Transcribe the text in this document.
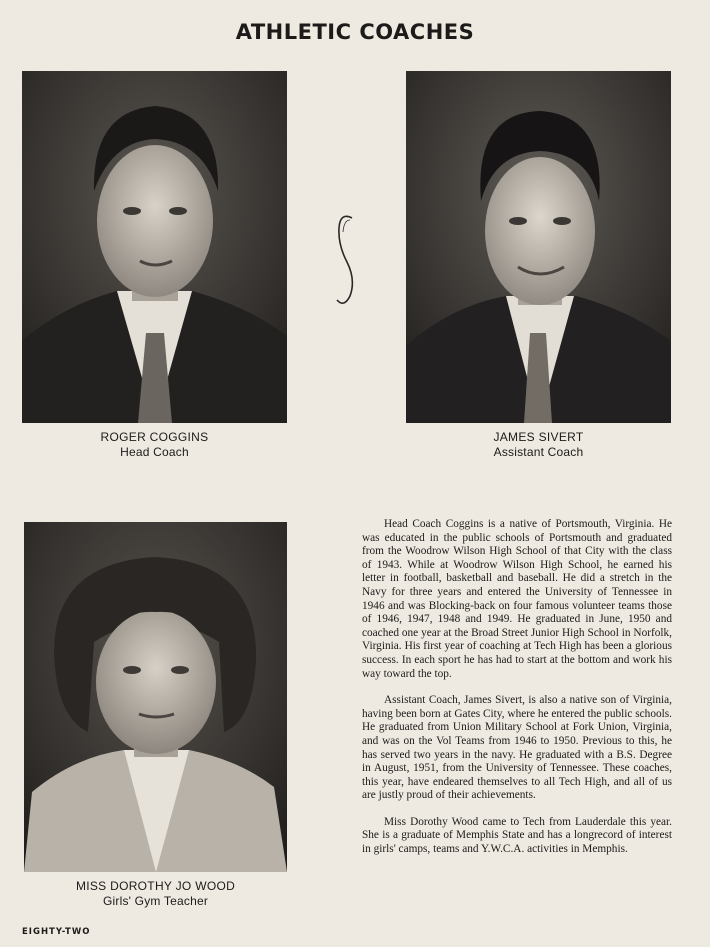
ATHLETIC COACHES
ROGER COGGINS
Head Coach
JAMES SIVERT
Assistant Coach
MISS DOROTHY JO WOOD
Girls' Gym Teacher

Head Coach Coggins is a native of Portsmouth, Virginia. He was educated in the public schools of Portsmouth and graduated from the Woodrow Wilson High School of that City with the class of 1943. While at Woodrow Wilson High School, he earned his letter in football, basketball and baseball. He did a stretch in the Navy for three years and entered the University of Tennessee in 1946 and was Blocking-back on four famous volunteer teams those of 1946, 1947, 1948 and 1949. He graduated in June, 1950 and coached one year at the Broad Street Junior High School in Norfolk, Virginia. His first year of coaching at Tech High has been a glorious success. In each sport he has had to start at the bottom and work his way toward the top.

Assistant Coach, James Sivert, is also a native son of Virginia, having been born at Gates City, where he entered the public schools. He graduated from Union Military School at Fork Union, Virginia, and was on the Vol Teams from 1946 to 1950. Previous to this, he has served two years in the navy. He graduated with a B.S. Degree in August, 1951, from the University of Tennessee. These coaches, this year, have endeared themselves to all Tech High, and all of us are justly proud of their achievements.

Miss Dorothy Wood came to Tech from Lauderdale this year. She is a graduate of Memphis State and has a longrecord of interest in girls' camps, teams and Y.W.C.A. activities in Memphis.

EIGHTY-TWO
